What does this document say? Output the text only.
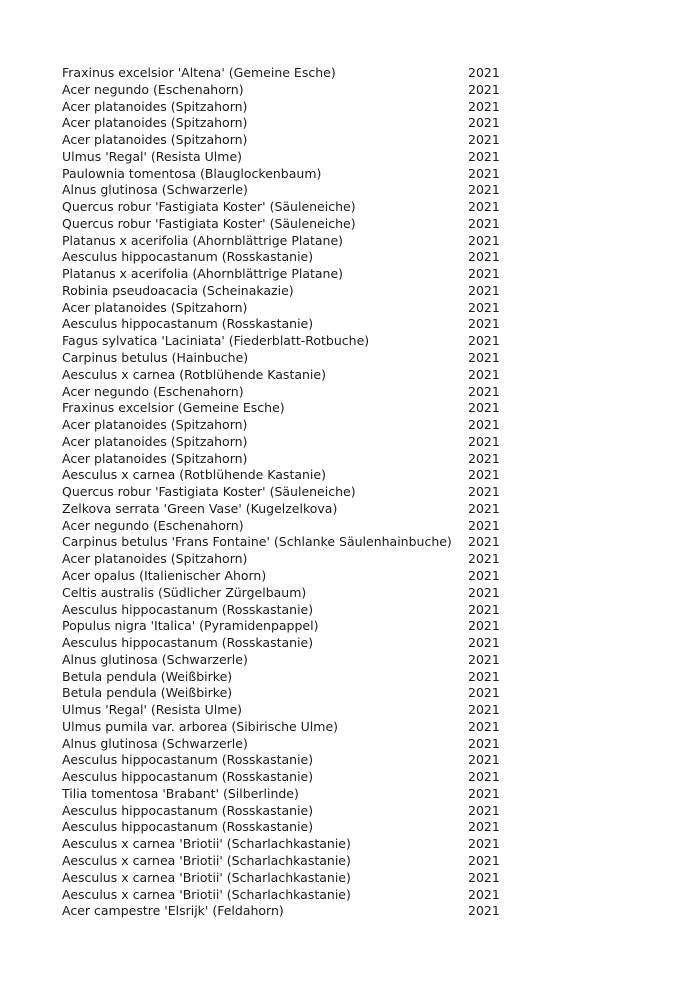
Fraxinus excelsior 'Altena' (Gemeine Esche)	2021
Acer negundo (Eschenahorn)	2021
Acer platanoides (Spitzahorn)	2021
Acer platanoides (Spitzahorn)	2021
Acer platanoides (Spitzahorn)	2021
Ulmus 'Regal' (Resista Ulme)	2021
Paulownia tomentosa (Blauglockenbaum)	2021
Alnus glutinosa (Schwarzerle)	2021
Quercus robur 'Fastigiata Koster' (Säuleneiche)	2021
Quercus robur 'Fastigiata Koster' (Säuleneiche)	2021
Platanus x acerifolia (Ahornblättrige Platane)	2021
Aesculus hippocastanum (Rosskastanie)	2021
Platanus x acerifolia (Ahornblättrige Platane)	2021
Robinia pseudoacacia (Scheinakazie)	2021
Acer platanoides (Spitzahorn)	2021
Aesculus hippocastanum (Rosskastanie)	2021
Fagus sylvatica 'Laciniata' (Fiederblatt-Rotbuche)	2021
Carpinus betulus (Hainbuche)	2021
Aesculus x carnea (Rotblühende Kastanie)	2021
Acer negundo (Eschenahorn)	2021
Fraxinus excelsior (Gemeine Esche)	2021
Acer platanoides (Spitzahorn)	2021
Acer platanoides (Spitzahorn)	2021
Acer platanoides (Spitzahorn)	2021
Aesculus x carnea (Rotblühende Kastanie)	2021
Quercus robur 'Fastigiata Koster' (Säuleneiche)	2021
Zelkova serrata 'Green Vase' (Kugelzelkova)	2021
Acer negundo (Eschenahorn)	2021
Carpinus betulus 'Frans Fontaine' (Schlanke Säulenhainbuche)	2021
Acer platanoides (Spitzahorn)	2021
Acer opalus (Italienischer Ahorn)	2021
Celtis australis (Südlicher Zürgelbaum)	2021
Aesculus hippocastanum (Rosskastanie)	2021
Populus nigra 'Italica' (Pyramidenpappel)	2021
Aesculus hippocastanum (Rosskastanie)	2021
Alnus glutinosa (Schwarzerle)	2021
Betula pendula (Weißbirke)	2021
Betula pendula (Weißbirke)	2021
Ulmus 'Regal' (Resista Ulme)	2021
Ulmus pumila var. arborea (Sibirische Ulme)	2021
Alnus glutinosa (Schwarzerle)	2021
Aesculus hippocastanum (Rosskastanie)	2021
Aesculus hippocastanum (Rosskastanie)	2021
Tilia tomentosa 'Brabant' (Silberlinde)	2021
Aesculus hippocastanum (Rosskastanie)	2021
Aesculus hippocastanum (Rosskastanie)	2021
Aesculus x carnea 'Briotii' (Scharlachkastanie)	2021
Aesculus x carnea 'Briotii' (Scharlachkastanie)	2021
Aesculus x carnea 'Briotii' (Scharlachkastanie)	2021
Aesculus x carnea 'Briotii' (Scharlachkastanie)	2021
Acer campestre 'Elsrijk' (Feldahorn)	2021
